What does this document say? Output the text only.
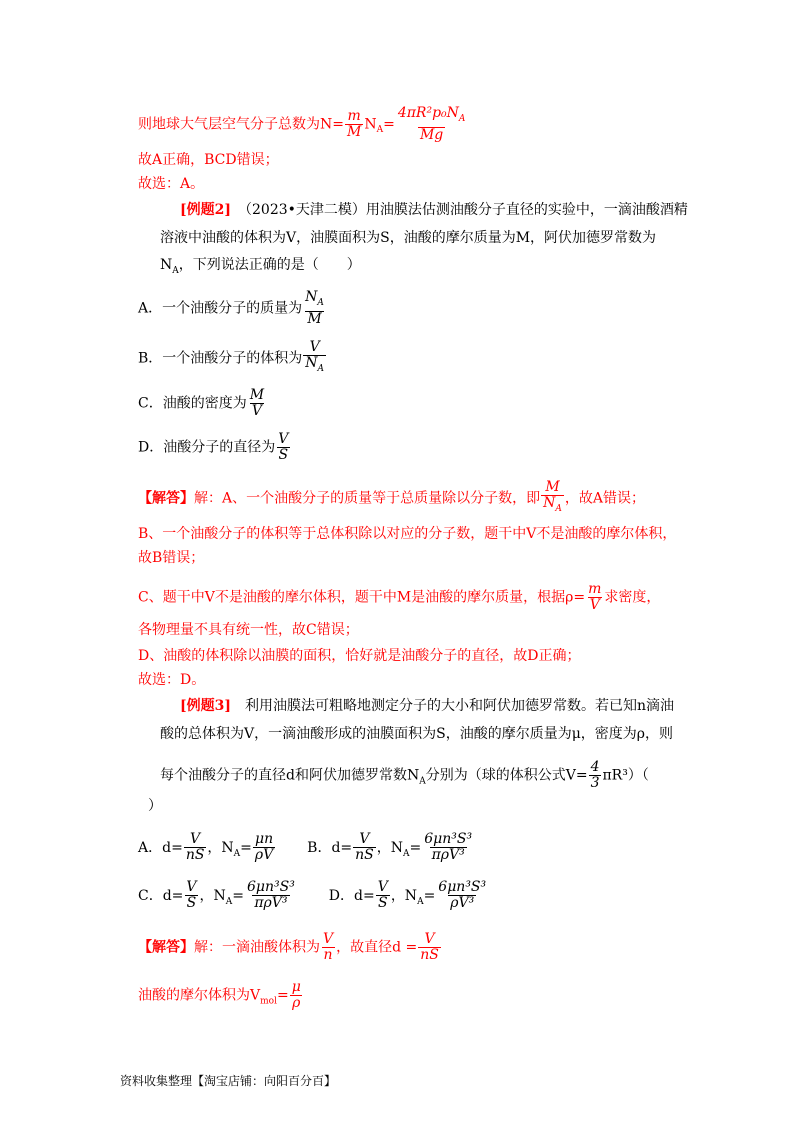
则地球大气层空气分子总数为$N= \frac{m}{M} N_A= \frac{4\pi R^2p_0N_A}{Mg}$
故A正确，BCD错误；
故选：A。
[例题2]　 （2023•天津二模）用油膜法估测油酸分子直径的实验中，一滴油酸酒精
溶液中油酸的体积为V，油膜面积为S，油酸的摩尔质量为M，阿伏加德罗常数为
$N_A$，下列说法正确的是（　　）
A．一个油酸分子的质量为 $\frac{N_A}{M}$
B．一个油酸分子的体积为 $\frac{V}{N_A}$
C．油酸的密度为 $\frac{M}{V}$
D．油酸分子的直径为 $\frac{V}{S}$
【解答】解：A、一个油酸分子的质量等于总质量除以分子数，即 $\frac{M}{N_A}$ ，故A错误；
B、一个油酸分子的体积等于总体积除以对应的分子数，题干中V不是油酸的摩尔体积，
故B错误；
C、题干中V不是油酸的摩尔体积，题干中M是油酸的摩尔质量，根据$\rho= \frac{m}{V}$ 求密度，
各物理量不具有统一性，故C错误；
D、油酸的体积除以油膜的面积，恰好就是油酸分子的直径，故D正确；
故选：D。
[例题3]　 利用油膜法可粗略地测定分子的大小和阿伏加德罗常数。若已知n滴油
酸的总体积为V，一滴油酸形成的油膜面积为S，油酸的摩尔质量为μ，密度为ρ，则
每个油酸分子的直径d和阿伏加德罗常数$N_A$分别为（球的体积公式$V= \frac{4}{3} \pi R^3$）（
）
A．$d= \frac{V}{nS}$ ，$N_A= \frac{\mu n}{\rho V}$ B．$d= \frac{V}{nS}$ ，$N_A= \frac{\text{6μn³S³}}{\text{πρV³}}$
C．$d= \frac{V}{S}$ ，$N_A= \frac{\text{6μn³S³}}{\text{πρV³}}$ D．$d= \frac{V}{S}$ ，$N_A= \frac{\text{6μn³S³}}{\text{ρV³}}$
【解答】解：一滴油酸体积为 $\frac{V}{n}$ ，故直径$d = \frac{V}{nS}$
油酸的摩尔体积为$V_{mol}= \frac{\mu}{\rho}$
资料收集整理【淘宝店铺：向阳百分百】
